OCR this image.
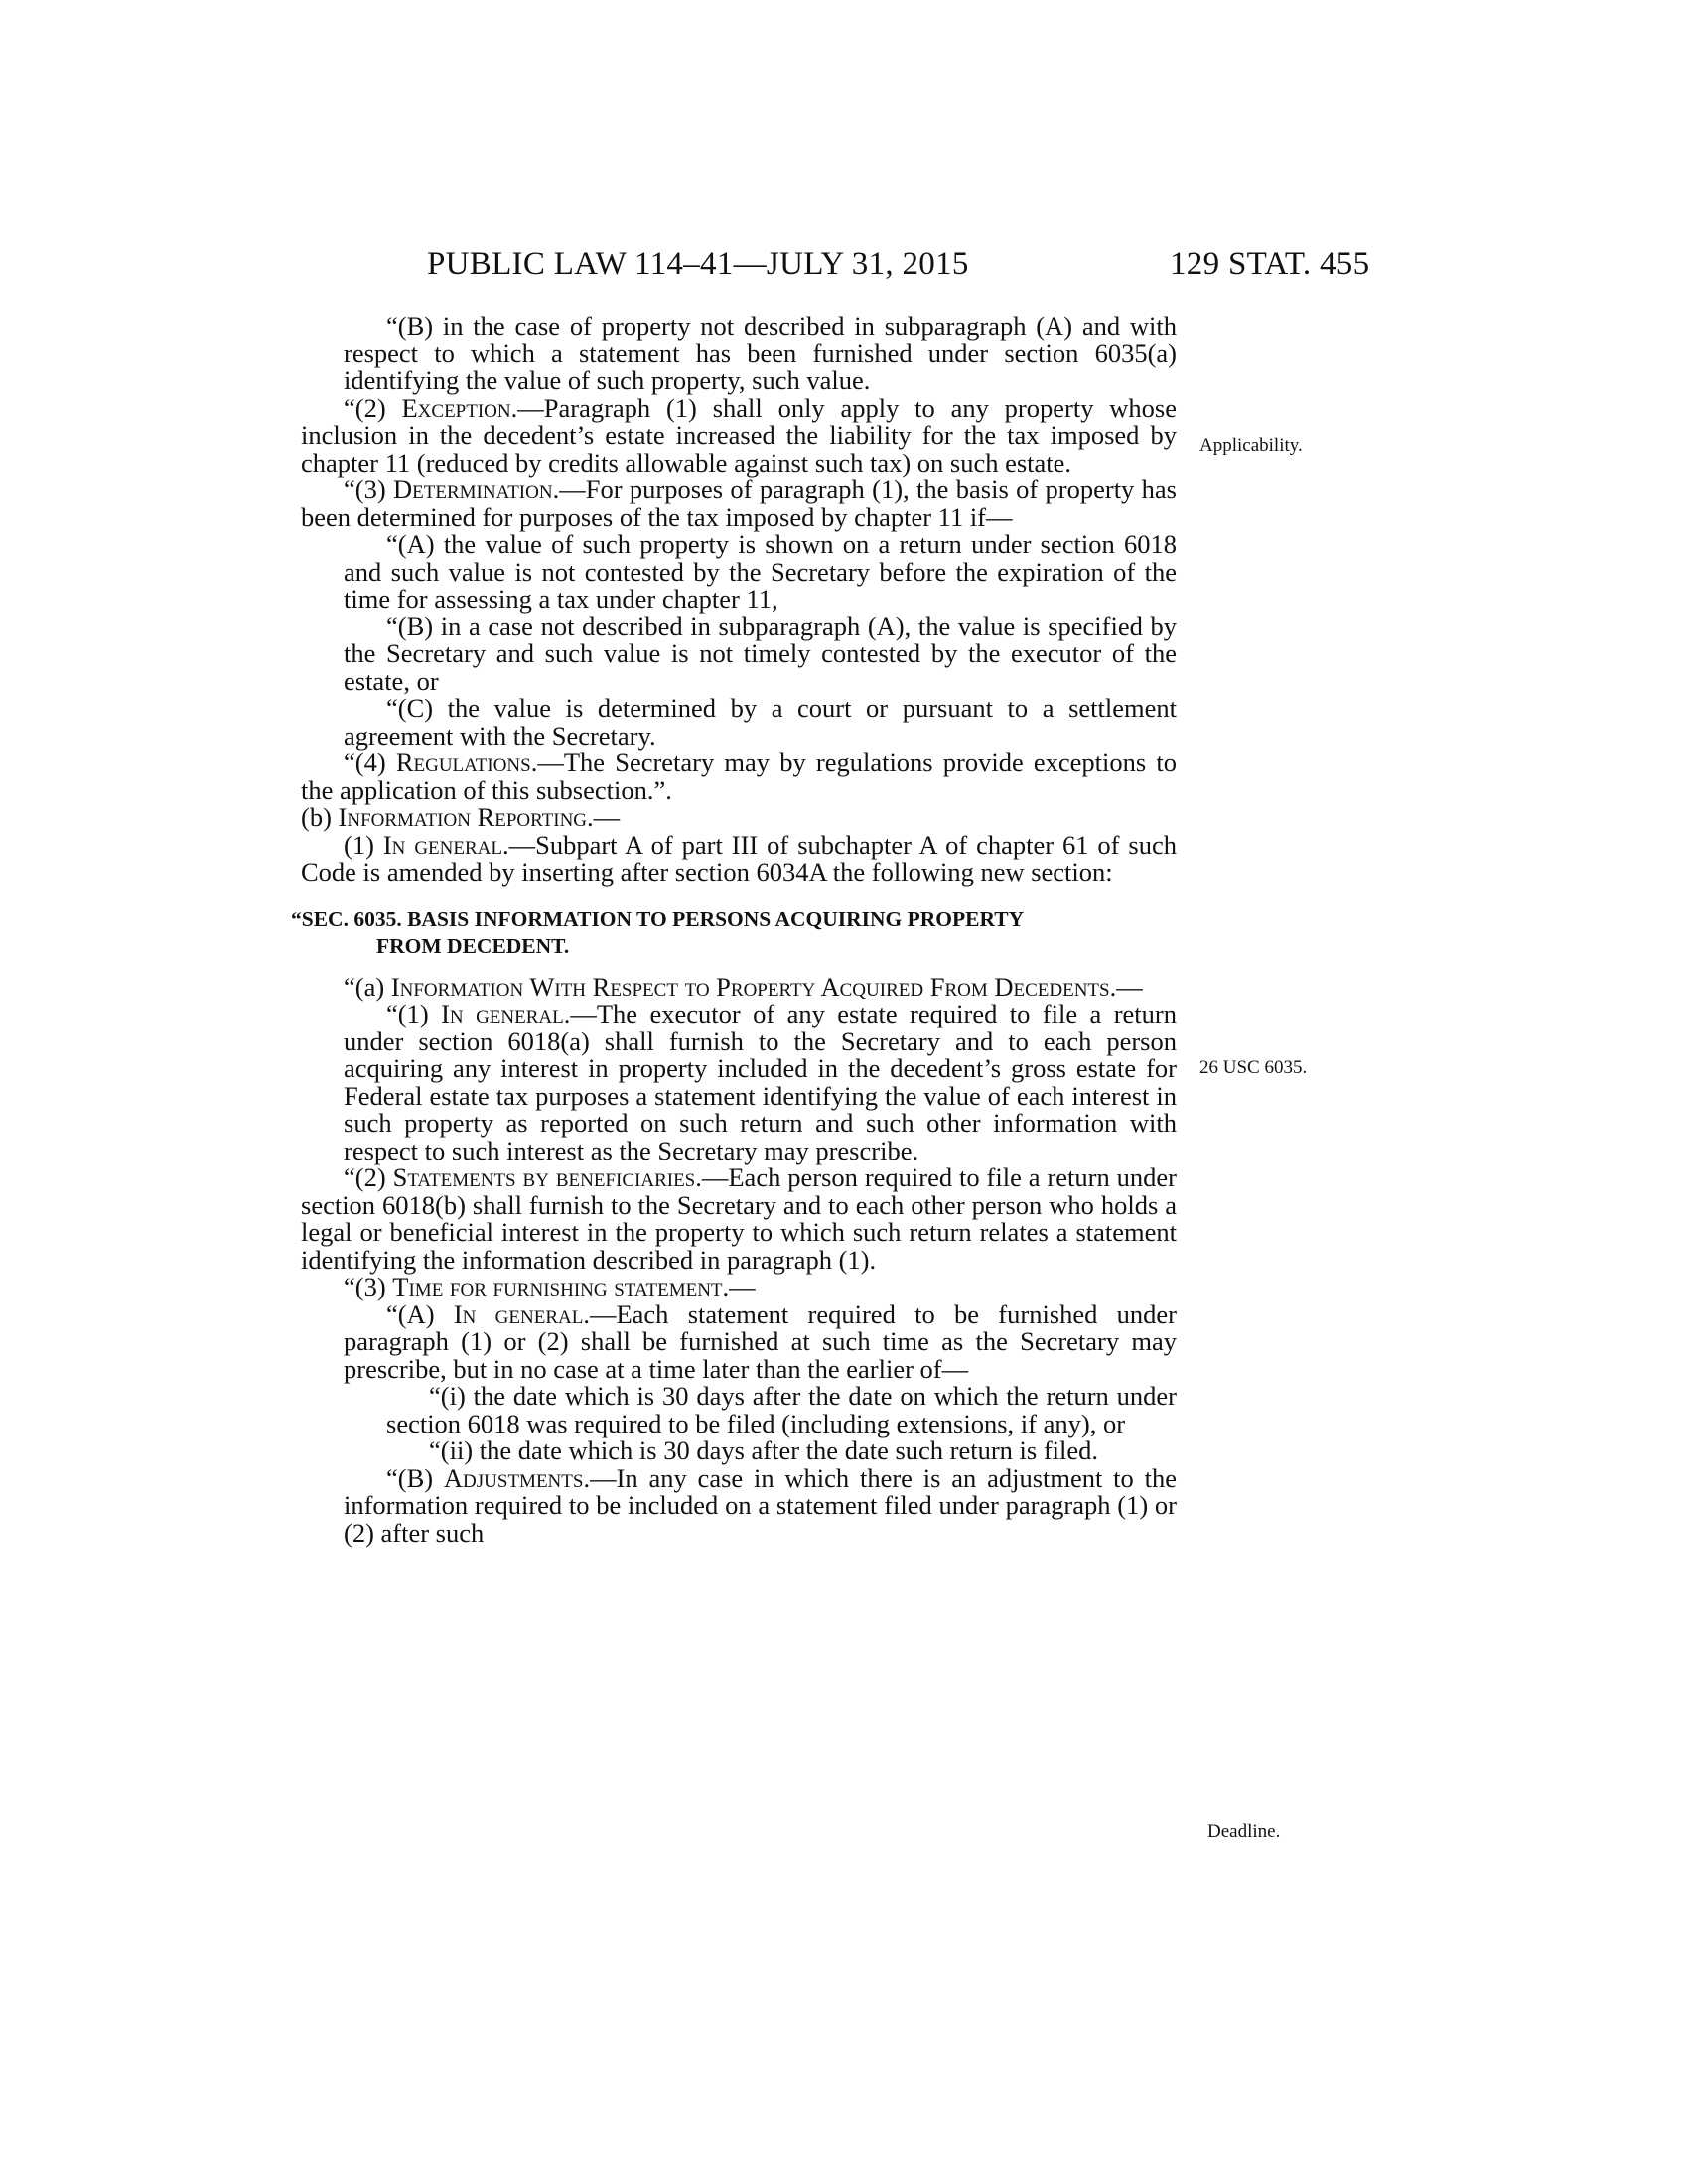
PUBLIC LAW 114–41—JULY 31, 2015	129 STAT. 455
Applicability.
26 USC 6035.
Deadline.

“(B) in the case of property not described in subparagraph (A) and with respect to which a statement has been furnished under section 6035(a) identifying the value of such property, such value.

“(2) Exception.—Paragraph (1) shall only apply to any property whose inclusion in the decedent’s estate increased the liability for the tax imposed by chapter 11 (reduced by credits allowable against such tax) on such estate.

“(3) Determination.—For purposes of paragraph (1), the basis of property has been determined for purposes of the tax imposed by chapter 11 if—

“(A) the value of such property is shown on a return under section 6018 and such value is not contested by the Secretary before the expiration of the time for assessing a tax under chapter 11,

“(B) in a case not described in subparagraph (A), the value is specified by the Secretary and such value is not timely contested by the executor of the estate, or

“(C) the value is determined by a court or pursuant to a settlement agreement with the Secretary.

“(4) Regulations.—The Secretary may by regulations provide exceptions to the application of this subsection.”.

(b) Information Reporting.—

(1) In general.—Subpart A of part III of subchapter A of chapter 61 of such Code is amended by inserting after section 6034A the following new section:

“SEC. 6035. BASIS INFORMATION TO PERSONS ACQUIRING PROPERTY
FROM DECEDENT.

“(a) Information With Respect to Property Acquired From Decedents.—

“(1) In general.—The executor of any estate required to file a return under section 6018(a) shall furnish to the Secretary and to each person acquiring any interest in property included in the decedent’s gross estate for Federal estate tax purposes a statement identifying the value of each interest in such property as reported on such return and such other information with respect to such interest as the Secretary may prescribe.

“(2) Statements by beneficiaries.—Each person required to file a return under section 6018(b) shall furnish to the Secretary and to each other person who holds a legal or beneficial interest in the property to which such return relates a statement identifying the information described in paragraph (1).

“(3) Time for furnishing statement.—

“(A) In general.—Each statement required to be furnished under paragraph (1) or (2) shall be furnished at such time as the Secretary may prescribe, but in no case at a time later than the earlier of—

“(i) the date which is 30 days after the date on which the return under section 6018 was required to be filed (including extensions, if any), or

“(ii) the date which is 30 days after the date such return is filed.

“(B) Adjustments.—In any case in which there is an adjustment to the information required to be included on a statement filed under paragraph (1) or (2) after such
